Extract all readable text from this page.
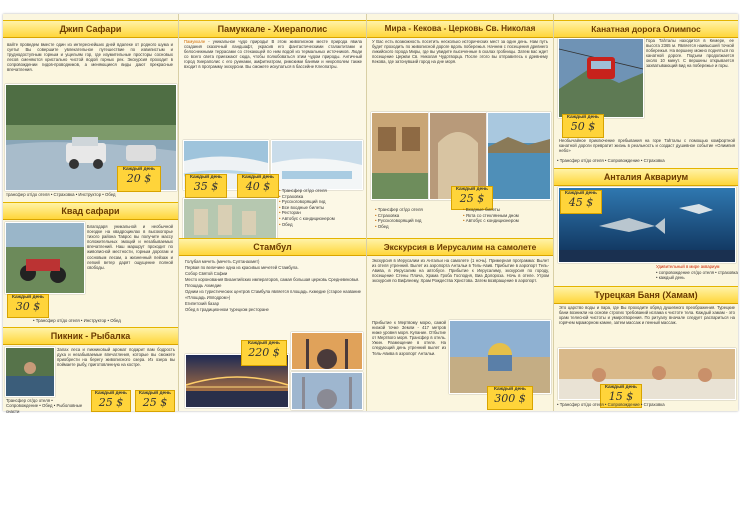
Джип Сафари
вайте проведем вместе один из интереснейших дней вдалеке от родного шума и суеты! Вы совершите увлекательное путешествие по извилистым и труднодоступным горным и ущельям гор, где изумительные просторы сосновых лесов сменяются кристально чистой водой горных рек. Экскурсия проходит в сопровождении гидов-проводников, а меняющиеся виды дают прекрасные впечатления.
Каждый день
20 $
трансфер от/до отеля • Страховка • Инструктор • Обед
Квад сафари
Благодаря уникальной и необычной поездке на квадроциклах в высокогорье тихого района Таврос вы получите массу положительных эмоций и незабываемых впечатлений. Наш маршрут проходит по живописной местности, горным дорогам и сосновым лесам, а жизненный пейзаж и легкий ветер дарят ощущение полной свободы.
Каждый день
30 $
• Трансфер от/до отеля • Инструктор • Обед
Пикник - Рыбалка
Запах леса и пикниковый аромат подарит вам бодрость духа и незабываемые впечатления, которые вы сможете приобрести на берегу живописного озера. Из озера вы поймаете рыбу, приготовленную на костре.
Трансфер от/до отеля • Сопровождение • Обед • Рыболовные снасти
Каждый день
25 $
Каждый день
25 $
Памуккале - Хиераполис
Памуккале - уникальное чудо природы! В этом живописном месте природа явила создания сказочный ландшафт, украсив его фантастическими сталактитами и белоснежными террасами со стекающей по ним водой из термальных источников. Люди со всего света приезжают сюда, чтобы полюбоваться этим чудом природы. Античный город Хиераполис с его руинами, амфитеатром, римскими банями и некрополем также входит в программу экскурсии. Вы сможете искупаться в бассейне Клеопатры.
Каждый день
35 $
Каждый день
40 $
•	Трансфер от/до отеля
• Страховка
• Русскоговорящий гид
• Все входные билеты
• Ресторан
• Автобус с кондиционером
• Обед
Стамбул

Голубая мечеть (мечеть Султанахмет)

Первая по величине одна из красивых мечетей Стамбула.

Собор Святой Софии

Место коронования Византийских императоров, самая большая церковь Средневековья.

Площадь Ахмедие

Одним из туристических центров Стамбула является площадь Ахмедие (старое название «Площадь Ипподром»)

Египетский базар

Обед в традиционном турецком ресторане

Каждый день
220 $
Мира - Кекова - Церковь Св. Николая
У Вас есть возможность посетить несколько исторических мест за один день. Нам путь будет проходить по живописной дороге вдоль побережья. Начнем с посещения древнего ликийского города Миры, где вы увидите высеченные в скалах гробницы. Затем вас ждет посещение Церкви Св. Николая Чудотворца. После этого вы отправитесь к древнему Кекова, где затонувший город на дне моря.
Каждый день
25 $
• Трансфер от/до отеля
• Страховка
• Русскоговорящий гид
• Обед
• Входные билеты
• Яхта со стеклянным дном
• Автобус с кондиционером
Экскурсия в Иерусалим на самолете
Экскурсия в Иерусалим из Антальи на самолете (1 ночь). Примерная программа: Вылет из отеля утренний. Вылет из аэропорта Антальи в Тель-Авив. Прибытие в аэропорт Тель-Авива, в Иерусалим на автобусе. Прибытие к Иерусалиму, экскурсия по городу, посещение Стены Плача, Храма Гроба Господня, Виа Долороза. Ночь в отеле. Утром экскурсия по Вифлеему, Храм Рождества Христова. Затем возвращение в аэропорт.
Прибытие к Мертвому морю, самой низкой точке Земли - 417 метров ниже уровня моря. Купание. Отбытие от Мертвого моря. Трансфер в отель. Ужин. Размещение в отеле. На следующий день утренний вылет из Тель-Авива в аэропорт Антальи.
Каждый день
300 $
Канатная дорога Олимпос
Гора Таhталы находится в Кемере, ее высота 2365 м. Является наивысшей точкой побережья. На вершину можно подняться по канатной дороге. Подъем продолжается около 10 минут. С вершины открывается захватывающий вид на побережье и горы.
Каждый день
50 $
Необычайное приключение пребывания на горе Таhталы с помощью комфортной канатной дороги превратит жизнь в реальность и создаст душевное событие «Олимпия небо»
• Трансфер от/до отеля • Сопровождение • Страховка
Анталия Аквариум
Каждый день
45 $
Удивительный в мире аквариум
• сопровождение от/до отеля • страховка • каждый день
Турецкая Баня (Хамам)
Это царство воды и пара, где Вы проходите обряд душевного преображения. Турецкие бани возникли на основе строгих требований ислама к чистоте тела. Каждый хамам - это храм телесной чистоты и умиротворения. По ритуалу вначале следует распариться на горячем мраморном камне, затем массаж и пенный массаж.
Каждый день
15 $
• Трансфер от/до отеля • Сопровождение • Страховка
